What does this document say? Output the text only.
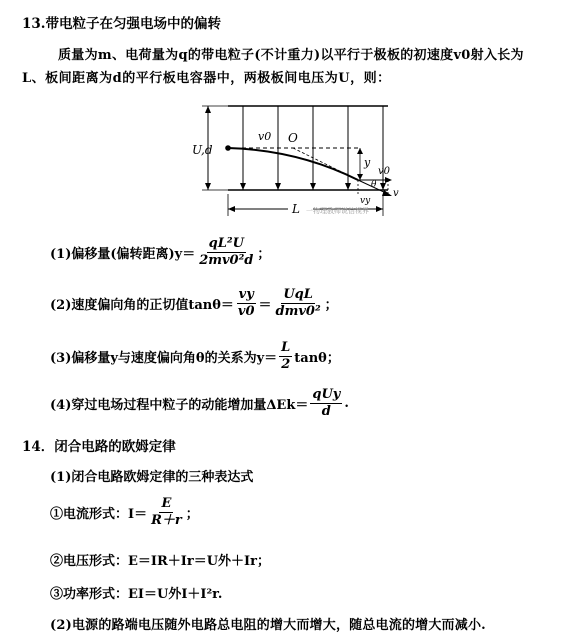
13.带电粒子在匀强电场中的偏转
质量为m、电荷量为q的带电粒子(不计重力)以平行于极板的初速度v0射入长为
L、板间距离为d的平行板电容器中，两极板间电压为U，则：
U,d
v0 O
y
v0
v
θ
vy
L 一物理教师说信视界
(1)偏移量(偏转距离)$y= \frac{\text{qL²U}}{\text{2mv0²d}}$ ；
(2)速度偏向角的正切值$\tan\theta= \frac{vy}{v0} = \frac{\text{UqL}}{\text{dmv0²}}$ ；
(3)偏移量y与速度偏向角θ的关系为$y= \frac{L}{2}$ tanθ；
(4)穿过电场过程中粒子的动能增加量$\Delta Ek= \frac{\text{qUy}}{d}$ .
14．闭合电路的欧姆定律
(1)闭合电路欧姆定律的三种表达式
①电流形式：$I= \frac{E}{R+r}$ ；
②电压形式：E＝IR＋Ir＝U外＋Ir；
③功率形式：EI＝U外I＋I²r.
(2)电源的路端电压随外电路总电阻的增大而增大，随总电流的增大而减小.
